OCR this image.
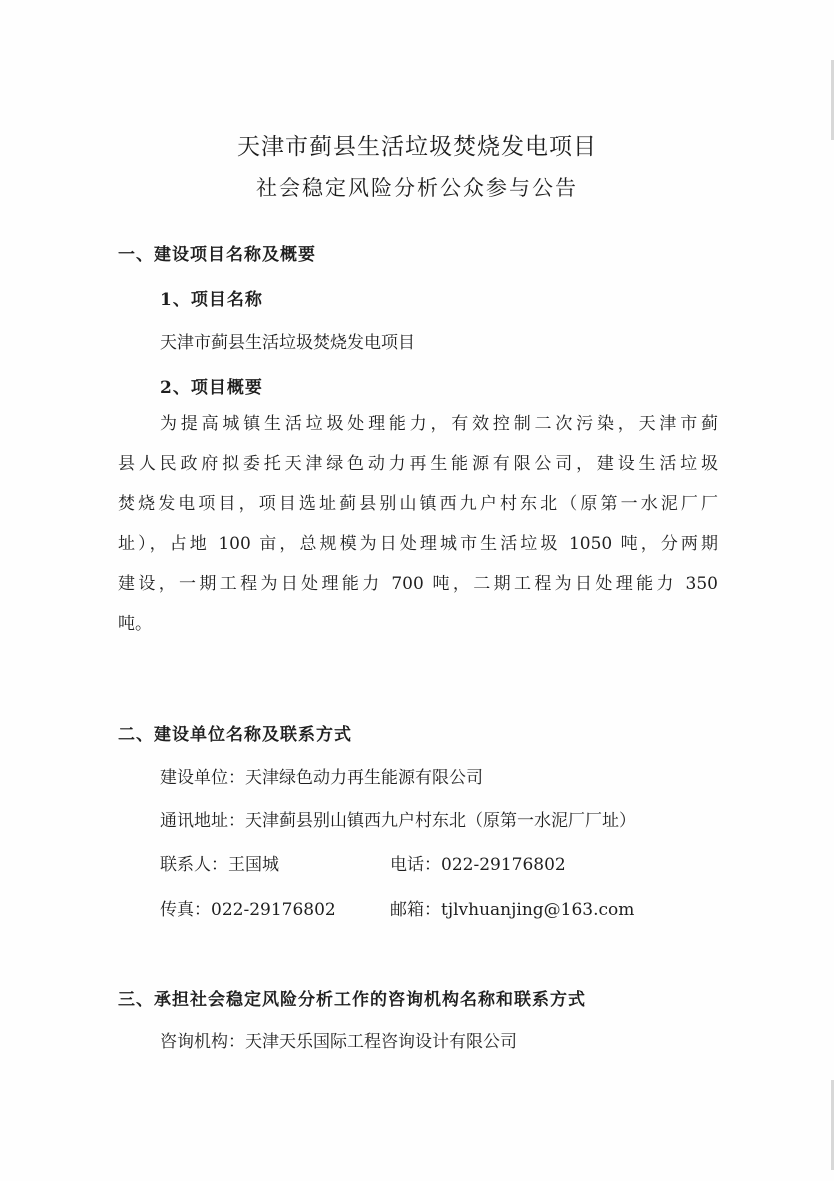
天津市蓟县生活垃圾焚烧发电项目
社会稳定风险分析公众参与公告
一、建设项目名称及概要
1、项目名称
天津市蓟县生活垃圾焚烧发电项目
2、项目概要
为提高城镇生活垃圾处理能力，有效控制二次污染，天津市蓟
县人民政府拟委托天津绿色动力再生能源有限公司，建设生活垃圾
焚烧发电项目，项目选址蓟县别山镇西九户村东北（原第一水泥厂厂
址），占地 100 亩，总规模为日处理城市生活垃圾 1050 吨，分两期
建设，一期工程为日处理能力 700 吨，二期工程为日处理能力 350
吨。
二、建设单位名称及联系方式
建设单位：天津绿色动力再生能源有限公司
通讯地址：天津蓟县别山镇西九户村东北（原第一水泥厂厂址）
联系人：王国城	电话：022-29176802
传真：022-29176802	邮箱：tjlvhuanjing@163.com
三、承担社会稳定风险分析工作的咨询机构名称和联系方式
咨询机构：天津天乐国际工程咨询设计有限公司
